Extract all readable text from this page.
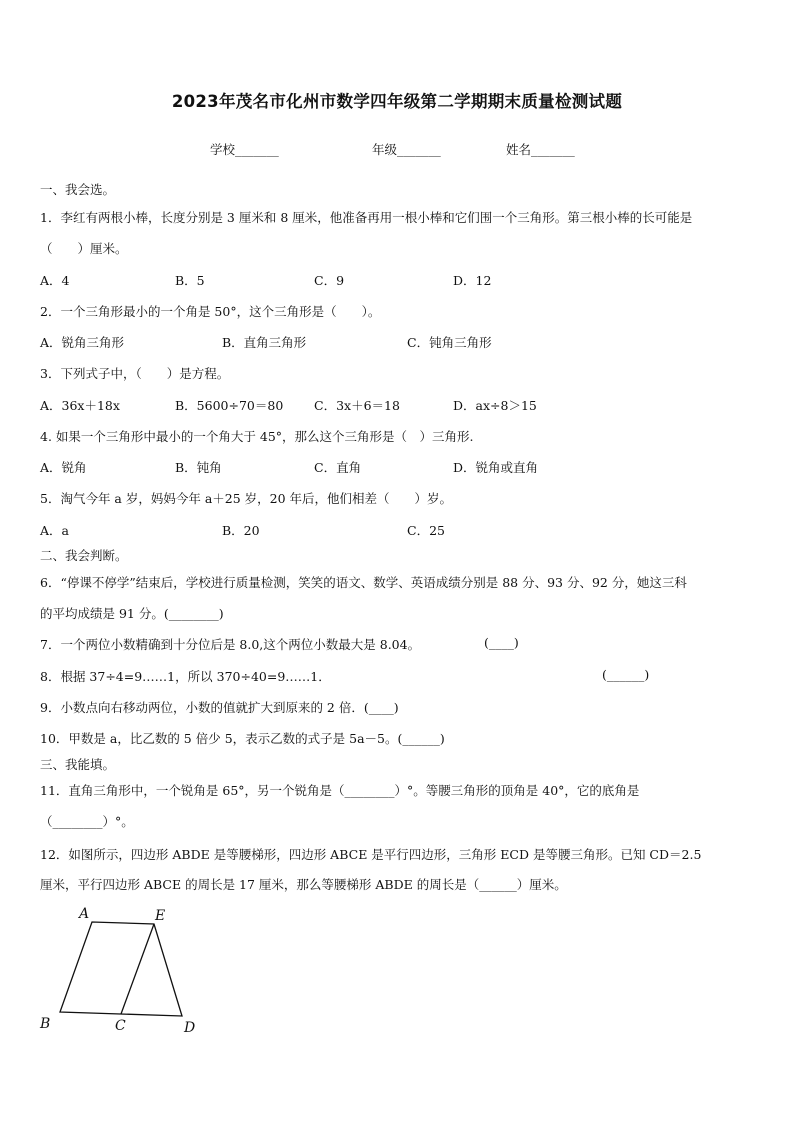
2023年茂名市化州市数学四年级第二学期期末质量检测试题
学校_______	年级_______	姓名_______
一、我会选。
1．李红有两根小棒，长度分别是 3 厘米和 8 厘米，他准备再用一根小棒和它们围一个三角形。第三根小棒的长可能是
（　　）厘米。
A．4	B．5	C．9	D．12
2．一个三角形最小的一个角是 50°，这个三角形是（　　）。
A．锐角三角形	B．直角三角形	C．钝角三角形
3．下列式子中，（　　）是方程。
A．36x＋18x	B．5600÷70＝80 C．3x＋6＝18	D．ax÷8＞15
4. 如果一个三角形中最小的一个角大于 45°，那么这个三角形是（　）三角形.
A．锐角	B．钝角	C．直角	D．锐角或直角
5．淘气今年 a 岁，妈妈今年 a＋25 岁，20 年后，他们相差（　　）岁。
A．a	B．20	C．25
二、我会判断。
6．“停课不停学”结束后，学校进行质量检测，笑笑的语文、数学、英语成绩分别是 88 分、93 分、92 分，她这三科
的平均成绩是 91 分。(________)
7．一个两位小数精确到十分位后是 8.0,这个两位小数最大是 8.04。	(____)
8．根据 37÷4=9……1，所以 370÷40=9……1．	(______)
9．小数点向右移动两位，小数的值就扩大到原来的 2 倍．(____)
10．甲数是 a，比乙数的 5 倍少 5，表示乙数的式子是 5a－5。(______)
三、我能填。
11．直角三角形中，一个锐角是 65°，另一个锐角是（________）°。等腰三角形的顶角是 40°，它的底角是
（________）°。
12．如图所示，四边形 ABDE 是等腰梯形，四边形 ABCE 是平行四边形，三角形 ECD 是等腰三角形。已知 CD＝2.5
厘米，平行四边形 ABCE 的周长是 17 厘米，那么等腰梯形 ABDE 的周长是（______）厘米。
A	E
B	C	D
